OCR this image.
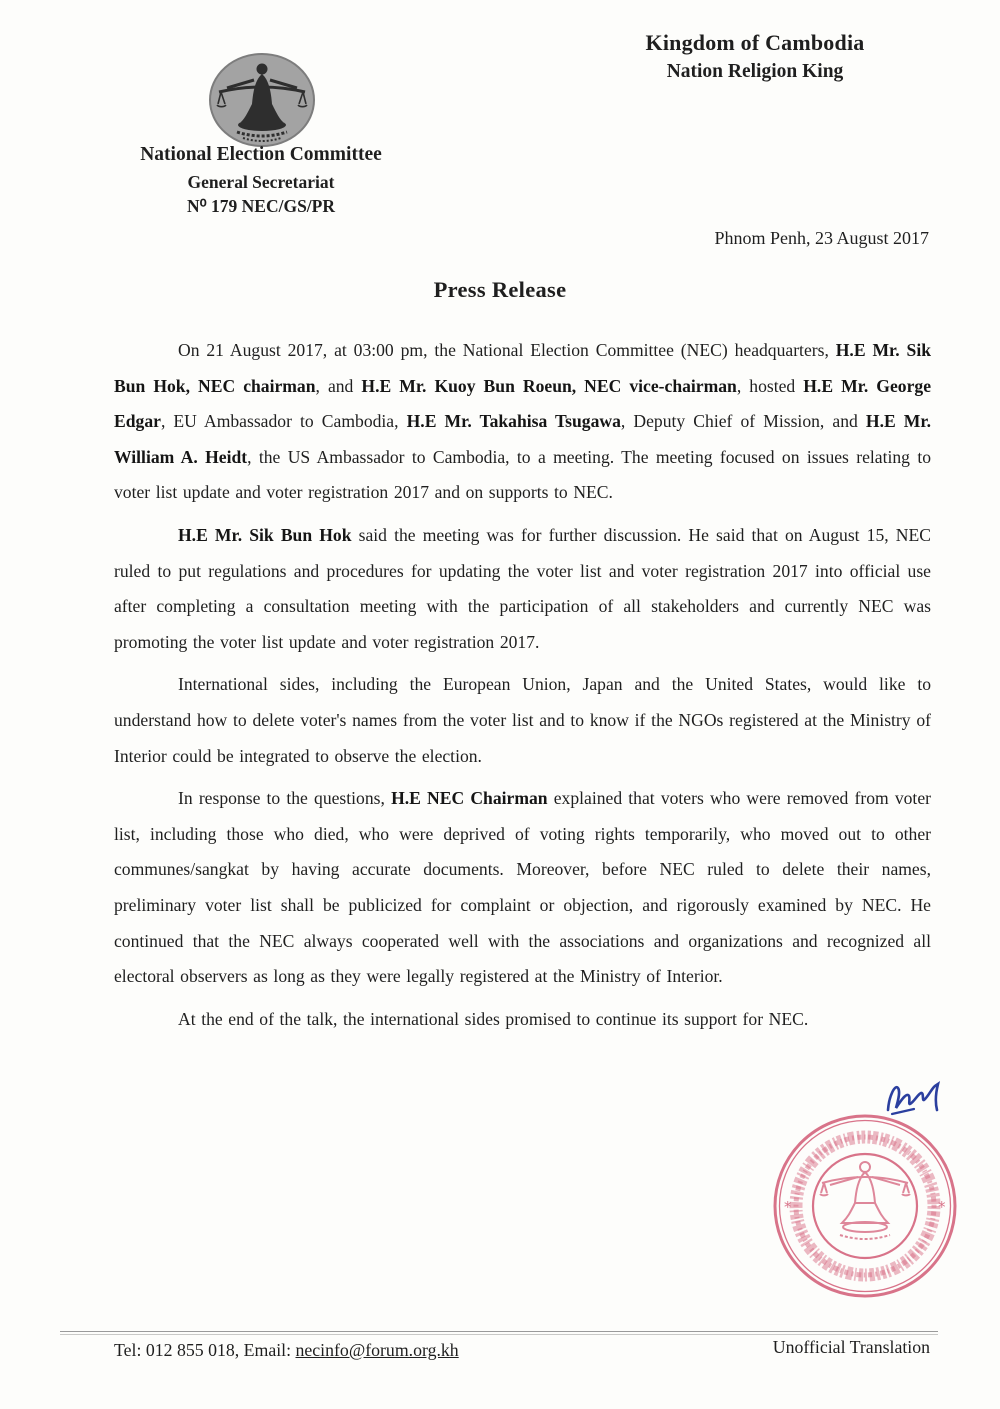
Kingdom of Cambodia
Nation Religion King
National Election Committee
General Secretariat
N⁰ 179 NEC/GS/PR
Phnom Penh, 23 August 2017
Press Release

On 21 August 2017, at 03:00 pm, the National Election Committee (NEC) headquarters, H.E Mr. Sik Bun Hok, NEC chairman, and H.E Mr. Kuoy Bun Roeun, NEC vice-chairman, hosted H.E Mr. George Edgar, EU Ambassador to Cambodia, H.E Mr. Takahisa Tsugawa, Deputy Chief of Mission, and H.E Mr. William A. Heidt, the US Ambassador to Cambodia, to a meeting. The meeting focused on issues relating to voter list update and voter registration 2017 and on supports to NEC.

H.E Mr. Sik Bun Hok said the meeting was for further discussion. He said that on August 15, NEC ruled to put regulations and procedures for updating the voter list and voter registration 2017 into official use after completing a consultation meeting with the participation of all stakeholders and currently NEC was promoting the voter list update and voter registration 2017.

International sides, including the European Union, Japan and the United States, would like to understand how to delete voter's names from the voter list and to know if the NGOs registered at the Ministry of Interior could be integrated to observe the election.

In response to the questions, H.E NEC Chairman explained that voters who were removed from voter list, including those who died, who were deprived of voting rights temporarily, who moved out to other communes/sangkat by having accurate documents. Moreover, before NEC ruled to delete their names, preliminary voter list shall be publicized for complaint or objection, and rigorously examined by NEC. He continued that the NEC always cooperated well with the associations and organizations and recognized all electoral observers as long as they were legally registered at the Ministry of Interior.

At the end of the talk, the international sides promised to continue its support for NEC.

*	*
Tel: 012 855 018, Email: necinfo@forum.org.kh	Unofficial Translation
